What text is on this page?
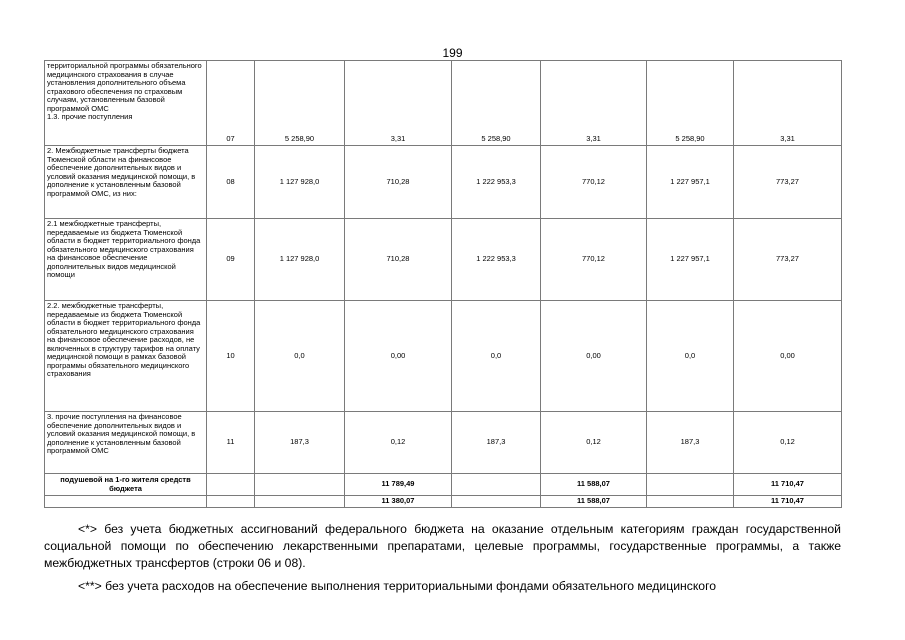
199
территориальной программы обязательного медицинского страхования в случае установления дополнительного объема страхового обеспечения по страховым случаям, установленным базовой программой ОМС
1.3. прочие поступления	07	5 258,90	3,31	5 258,90	3,31	5 258,90	3,31
2. Межбюджетные трансферты бюджета Тюменской области на финансовое обеспечение дополнительных видов и условий оказания медицинской помощи, в дополнение к установленным базовой программой ОМС, из них:	08	1 127 928,0	710,28	1 222 953,3	770,12	1 227 957,1	773,27
2.1 межбюджетные трансферты, передаваемые из бюджета Тюменской области в бюджет территориального фонда обязательного медицинского страхования на финансовое обеспечение дополнительных видов медицинской помощи	09	1 127 928,0	710,28	1 222 953,3	770,12	1 227 957,1	773,27
2.2. межбюджетные трансферты, передаваемые из бюджета Тюменской области в бюджет территориального фонда обязательного медицинского страхования на финансовое обеспечение расходов, не включенных в структуру тарифов на оплату медицинской помощи в рамках базовой программы обязательного медицинского страхования	10	0,0	0,00	0,0	0,00	0,0	0,00
3. прочие поступления на финансовое обеспечение дополнительных видов и условий оказания медицинской помощи, в дополнение к установленным базовой программой ОМС	11	187,3	0,12	187,3	0,12	187,3	0,12
подушевой на 1-го жителя средств бюджета			11 789,49		11 588,07		11 710,47
			11 380,07		11 588,07		11 710,47

<*> без учета бюджетных ассигнований федерального бюджета на оказание отдельным категориям граждан государственной социальной помощи по обеспечению лекарственными препаратами, целевые программы, государственные программы, а также межбюджетных трансфертов (строки 06 и 08).

<**> без учета расходов на обеспечение выполнения территориальными фондами обязательного медицинского
